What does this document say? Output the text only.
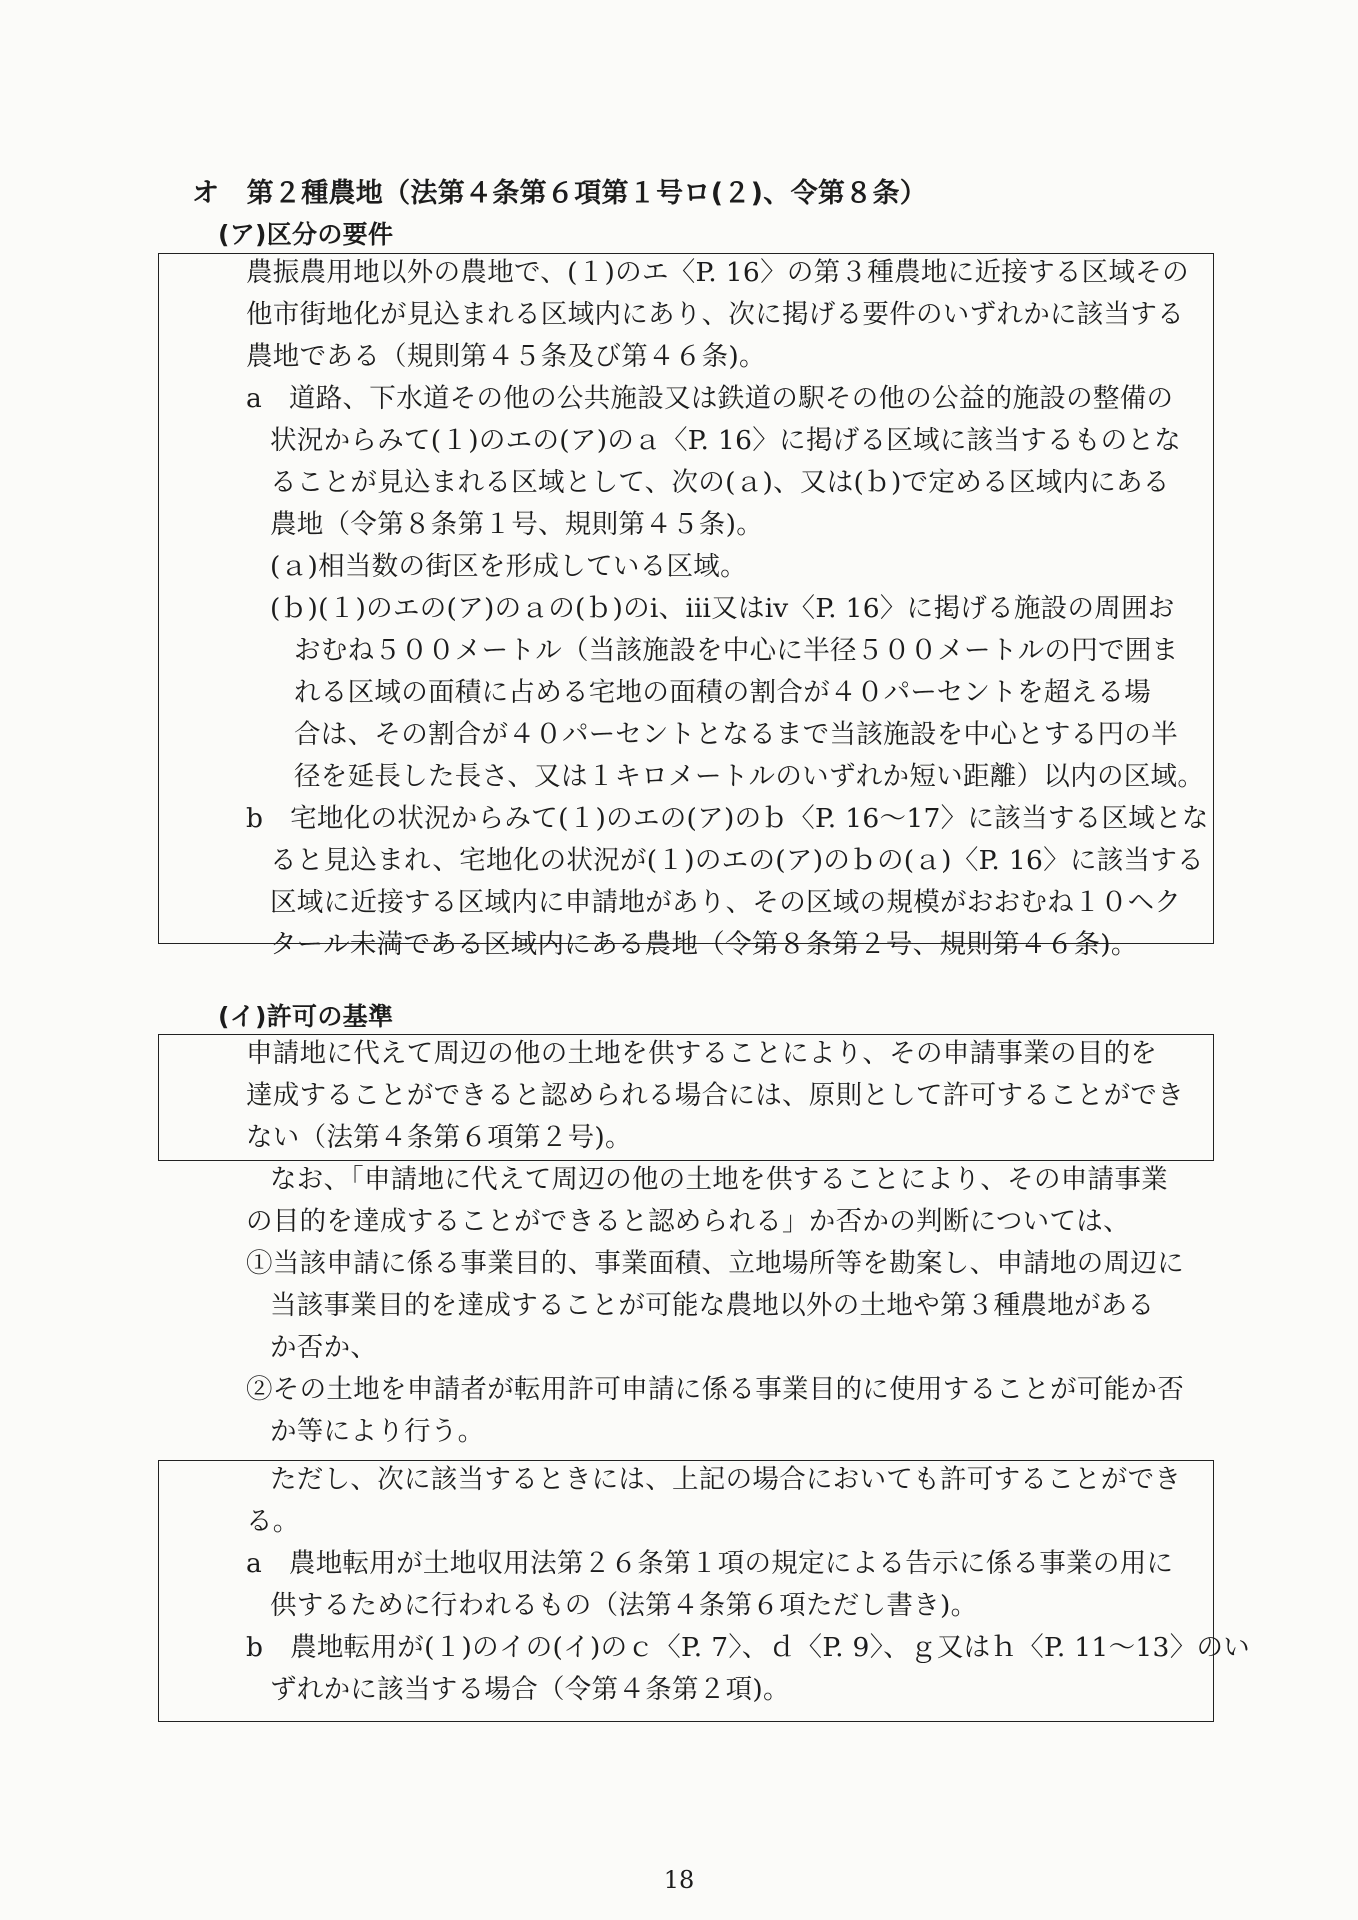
オ　第２種農地（法第４条第６項第１号ロ(２)、令第８条）
(ア)区分の要件
農振農用地以外の農地で、(１)のエ〈P. 16〉の第３種農地に近接する区域その
他市街地化が見込まれる区域内にあり、次に掲げる要件のいずれかに該当する
農地である（規則第４５条及び第４６条)。
a　道路、下水道その他の公共施設又は鉄道の駅その他の公益的施設の整備の
状況からみて(１)のエの(ア)のａ〈P. 16〉に掲げる区域に該当するものとな
ることが見込まれる区域として、次の(ａ)、又は(ｂ)で定める区域内にある
農地（令第８条第１号、規則第４５条)。
(ａ)相当数の街区を形成している区域。
(ｂ)(１)のエの(ア)のａの(ｂ)のⅰ、ⅲ又はⅳ〈P. 16〉に掲げる施設の周囲お
おむね５００メートル（当該施設を中心に半径５００メートルの円で囲ま
れる区域の面積に占める宅地の面積の割合が４０パーセントを超える場
合は、その割合が４０パーセントとなるまで当該施設を中心とする円の半
径を延長した長さ、又は１キロメートルのいずれか短い距離）以内の区域。
b　宅地化の状況からみて(１)のエの(ア)のｂ〈P. 16～17〉に該当する区域とな
ると見込まれ、宅地化の状況が(１)のエの(ア)のｂの(ａ)〈P. 16〉に該当する
区域に近接する区域内に申請地があり、その区域の規模がおおむね１０ヘク
タール未満である区域内にある農地（令第８条第２号、規則第４６条)。
(イ)許可の基準
申請地に代えて周辺の他の土地を供することにより、その申請事業の目的を
達成することができると認められる場合には、原則として許可することができ
ない（法第４条第６項第２号)。
なお、「申請地に代えて周辺の他の土地を供することにより、その申請事業
の目的を達成することができると認められる」か否かの判断については、
①当該申請に係る事業目的、事業面積、立地場所等を勘案し、申請地の周辺に
当該事業目的を達成することが可能な農地以外の土地や第３種農地がある
か否か、
②その土地を申請者が転用許可申請に係る事業目的に使用することが可能か否
か等により行う。
ただし、次に該当するときには、上記の場合においても許可することができ
る。
a　農地転用が土地収用法第２６条第１項の規定による告示に係る事業の用に
供するために行われるもの（法第４条第６項ただし書き)。
b　農地転用が(１)のイの(イ)のｃ〈P. 7〉、ｄ〈P. 9〉、ｇ又はｈ〈P. 11～13〉のい
ずれかに該当する場合（令第４条第２項)。
18
